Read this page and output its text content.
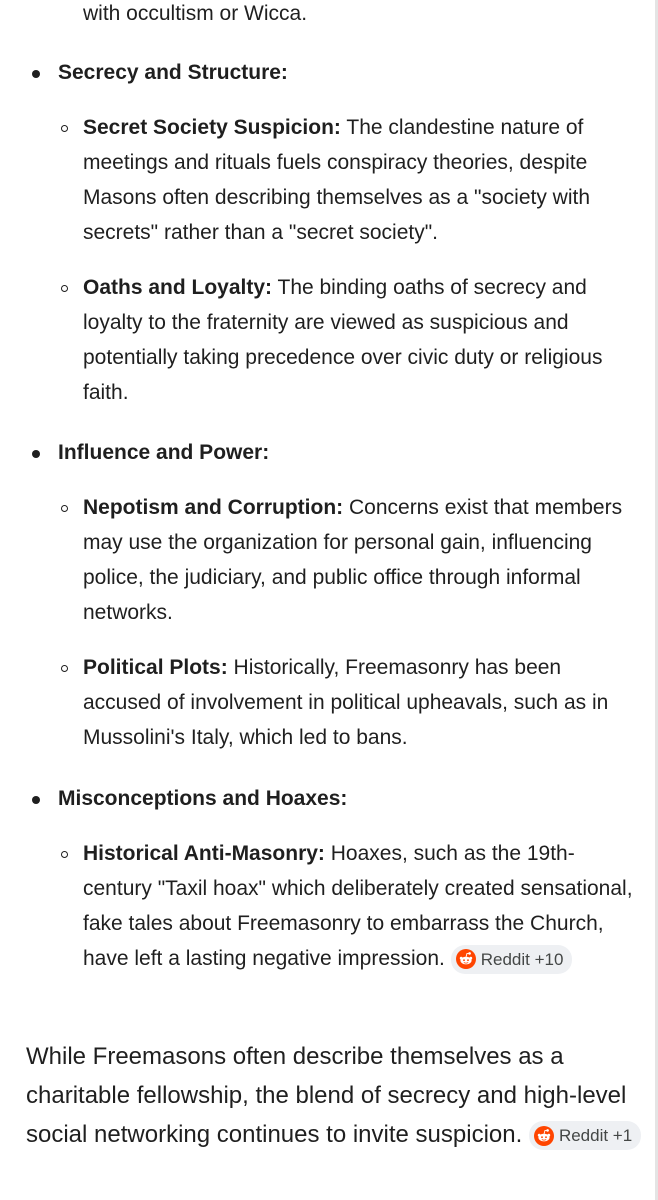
with occultism or Wicca.
Secrecy and Structure:
Secret Society Suspicion: The clandestine nature of meetings and rituals fuels conspiracy theories, despite Masons often describing themselves as a "society with secrets" rather than a "secret society".
Oaths and Loyalty: The binding oaths of secrecy and loyalty to the fraternity are viewed as suspicious and potentially taking precedence over civic duty or religious faith.
Influence and Power:
Nepotism and Corruption: Concerns exist that members may use the organization for personal gain, influencing police, the judiciary, and public office through informal networks.
Political Plots: Historically, Freemasonry has been accused of involvement in political upheavals, such as in Mussolini's Italy, which led to bans.
Misconceptions and Hoaxes:
Historical Anti-Masonry: Hoaxes, such as the 19th-century "Taxil hoax" which deliberately created sensational, fake tales about Freemasonry to embarrass the Church, have left a lasting negative impression. Reddit +10
While Freemasons often describe themselves as a charitable fellowship, the blend of secrecy and high-level social networking continues to invite suspicion. Reddit +1
